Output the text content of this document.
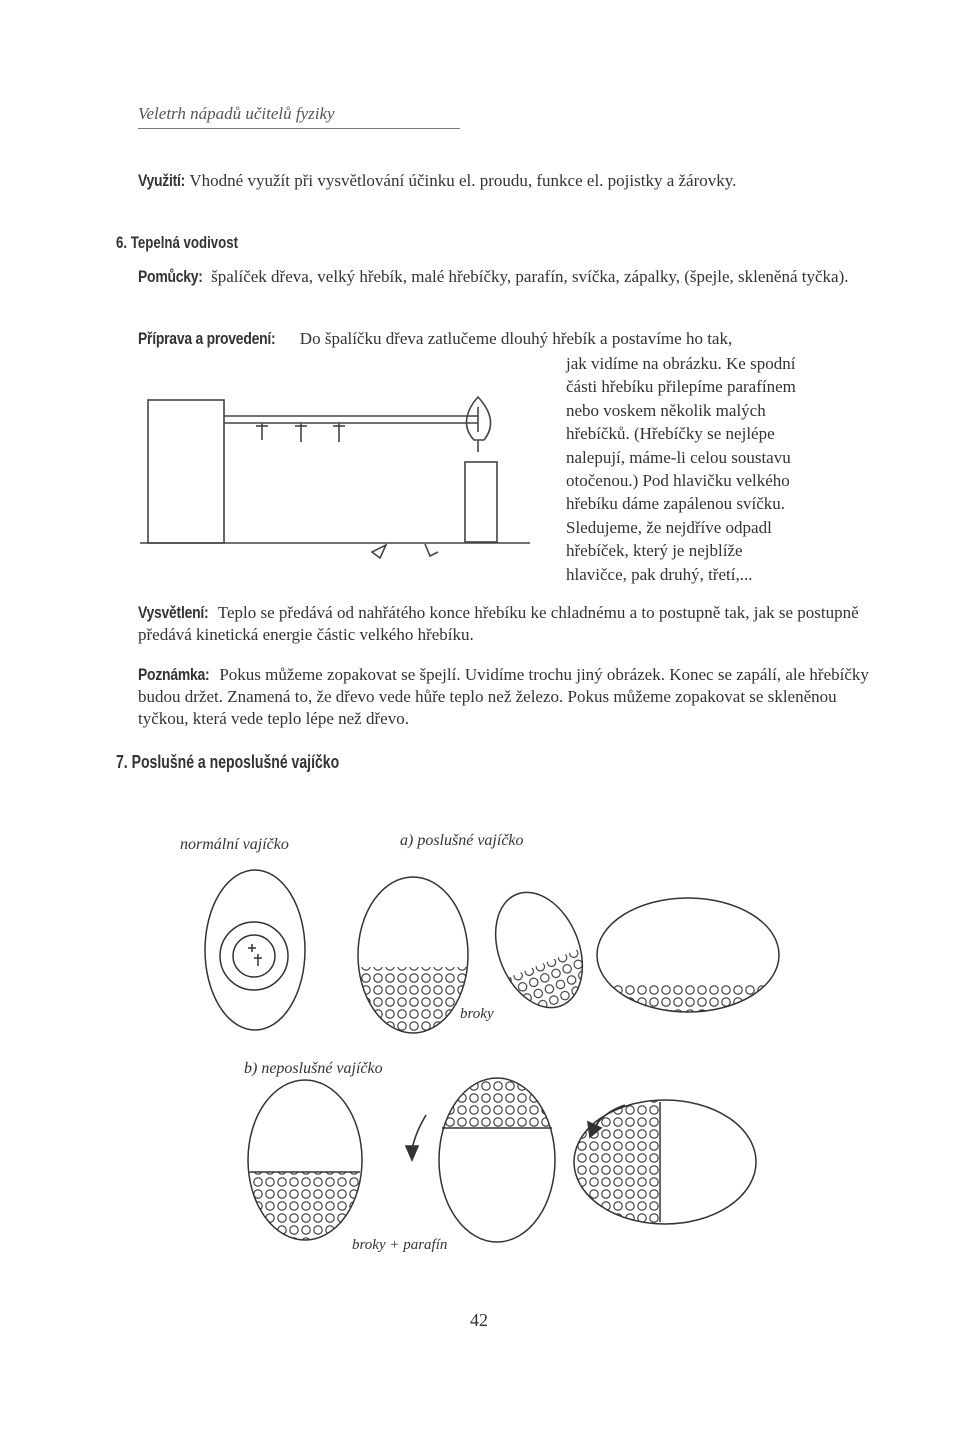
Veletrh nápadů učitelů fyziky
Využití: Vhodné využít při vysvětlování účinku el. proudu, funkce el. pojistky a žárovky.
6. Tepelná vodivost
Pomůcky: špalíček dřeva, velký hřebík, malé hřebíčky, parafín, svíčka, zápalky, (špejle, skleněná tyčka).
Příprava a provedení: Do špalíčku dřeva zatlučeme dlouhý hřebík a postavíme ho tak,
jak vidíme na obrázku. Ke spodní
části hřebíku přilepíme parafínem
nebo voskem několik malých
hřebíčků. (Hřebíčky se nejlépe
nalepují, máme-li celou soustavu
otočenou.) Pod hlavičku velkého
hřebíku dáme zapálenou svíčku.
Sledujeme, že nejdříve odpadl
hřebíček, který je nejblíže
hlavičce, pak druhý, třetí,...
Vysvětlení: Teplo se předává od nahřátého konce hřebíku ke chladnému a to postupně tak, jak se postupně předává kinetická energie částic velkého hřebíku.
Poznámka: Pokus můžeme zopakovat se špejlí. Uvidíme trochu jiný obrázek. Konec se zapálí, ale hřebíčky budou držet. Znamená to, že dřevo vede hůře teplo než železo. Pokus můžeme zopakovat se skleněnou tyčkou, která vede teplo lépe než dřevo.
7. Poslušné a neposlušné vajíčko
normální vajíčko	a) poslušné vajíčko
b) neposlušné vajíčko
broky
broky + parafín
42
